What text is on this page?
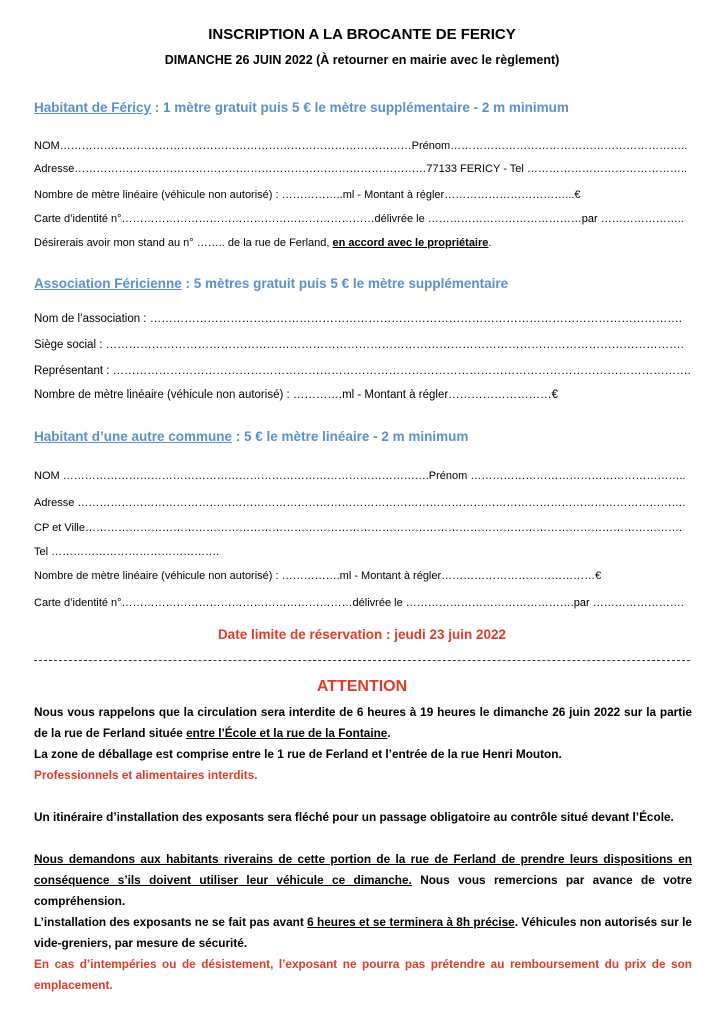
INSCRIPTION A LA BROCANTE DE FERICY
DIMANCHE 26 JUIN 2022 (À retourner en mairie avec le règlement)
Habitant de Féricy : 1 mètre gratuit puis 5 € le mètre supplémentaire - 2 m minimum
NOM……………………………………………………………………………………Prénom………………………………………………………..
Adresse……………………………………………………………………………………77133 FERICY - Tel ……………………………………..
Nombre de mètre linéaire (véhicule non autorisé) : ……………..ml - Montant à régler……………………………...€
Carte d’identité n°……………………………………………………………délivrée le ……………………………………par …………………..
Désirerais avoir mon stand au n° …….. de la rue de Ferland, en accord avec le propriétaire.
Association Féricienne : 5 mètres gratuit puis 5 € le mètre supplémentaire
Nom de l’association : ………………………………………………………………………………………………………………………….
Siège social : …………………………………………………………………………………………………………………………………….
Représentant : …………………………………………………………………………………………………………………………………….
Nombre de mètre linéaire (véhicule non autorisé) : ………….ml - Montant à régler………………………€
Habitant d’une autre commune : 5 € le mètre linéaire - 2 m minimum
NOM ……………………………………………………………………………………….Prénom …………………………………………………..
Adresse ………………………………………………………………………………………………………………………………………………….
CP et Ville……………………………………………………………………………………………………………………………………………….
Tel ……………………………………….
Nombre de mètre linéaire (véhicule non autorisé) : …………….ml - Montant à régler……………………………………€
Carte d’identité n°………………………………………………………délivrée le ……………………………………….par …………………….
Date limite de réservation : jeudi 23 juin 2022
ATTENTION
Nous vous rappelons que la circulation sera interdite de 6 heures à 19 heures le dimanche 26 juin 2022 sur la partie de la rue de Ferland située entre l’École et la rue de la Fontaine.
La zone de déballage est comprise entre le 1 rue de Ferland et l’entrée de la rue Henri Mouton.
Professionnels et alimentaires interdits.
Un itinéraire d’installation des exposants sera fléché pour un passage obligatoire au contrôle situé devant l’École.
Nous demandons aux habitants riverains de cette portion de la rue de Ferland de prendre leurs dispositions en conséquence s’ils doivent utiliser leur véhicule ce dimanche. Nous vous remercions par avance de votre compréhension.
L’installation des exposants ne se fait pas avant 6 heures et se terminera à 8h précise. Véhicules non autorisés sur le vide-greniers, par mesure de sécurité.
En cas d’intempéries ou de désistement, l’exposant ne pourra pas prétendre au remboursement du prix de son emplacement.
